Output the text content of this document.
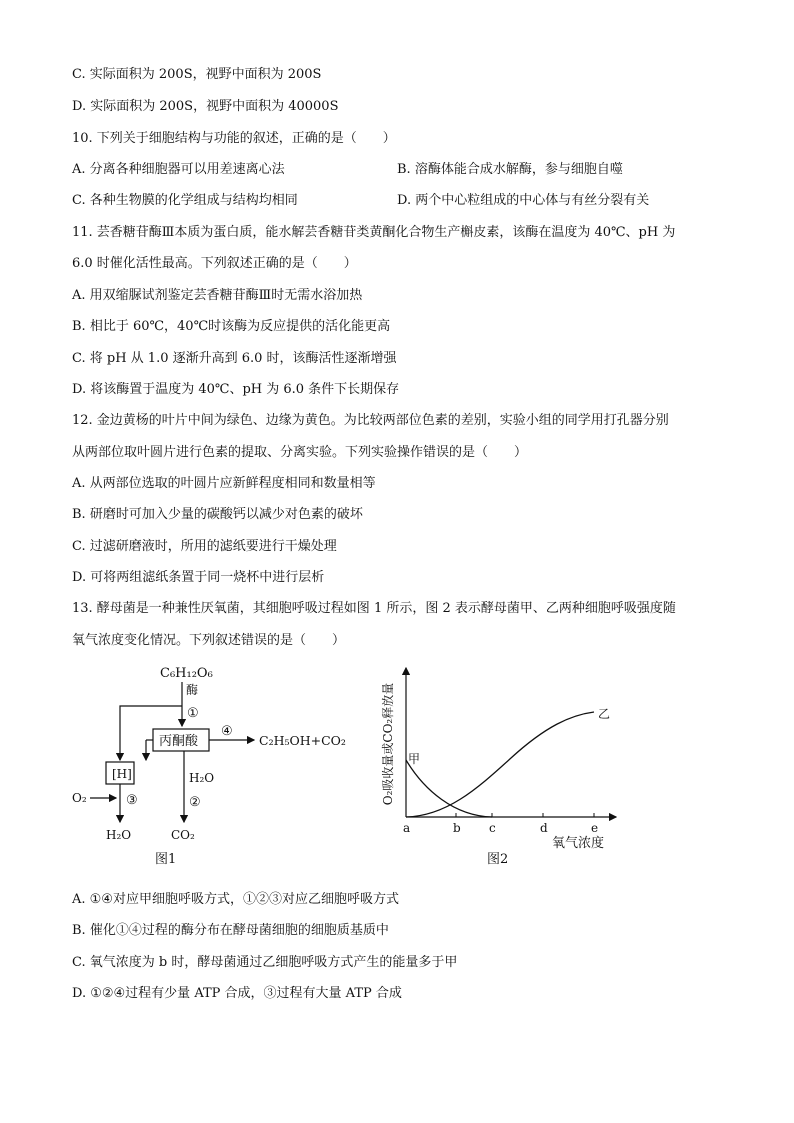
C. 实际面积为 200S，视野中面积为 200S
D. 实际面积为 200S，视野中面积为 40000S
10. 下列关于细胞结构与功能的叙述，正确的是（　　）
A. 分离各种细胞器可以用差速离心法	B. 溶酶体能合成水解酶，参与细胞自噬
C. 各种生物膜的化学组成与结构均相同	D. 两个中心粒组成的中心体与有丝分裂有关
11. 芸香糖苷酶Ⅲ本质为蛋白质，能水解芸香糖苷类黄酮化合物生产槲皮素，该酶在温度为 40℃、pH 为
6.0 时催化活性最高。下列叙述正确的是（　　）
A. 用双缩脲试剂鉴定芸香糖苷酶Ⅲ时无需水浴加热
B. 相比于 60℃，40℃时该酶为反应提供的活化能更高
C. 将 pH 从 1.0 逐渐升高到 6.0 时，该酶活性逐渐增强
D. 将该酶置于温度为 40℃、pH 为 6.0 条件下长期保存
12. 金边黄杨的叶片中间为绿色、边缘为黄色。为比较两部位色素的差别，实验小组的同学用打孔器分别
从两部位取叶圆片进行色素的提取、分离实验。下列实验操作错误的是（　　）
A. 从两部位选取的叶圆片应新鲜程度相同和数量相等
B. 研磨时可加入少量的碳酸钙以减少对色素的破坏
C. 过滤研磨液时，所用的滤纸要进行干燥处理
D. 可将两组滤纸条置于同一烧杯中进行层析
13. 酵母菌是一种兼性厌氧菌，其细胞呼吸过程如图 1 所示，图 2 表示酵母菌甲、乙两种细胞呼吸强度随
氧气浓度变化情况。下列叙述错误的是（　　）
C₆H₁₂O₆
酶
①
丙酮酸
④
C₂H₅OH+CO₂
[H]	H₂O
②
O₂	③
H₂O	CO₂
图1
O₂吸收量或CO₂释放量
a	b c	d	e
氧气浓度
甲
乙
图2
A. ①④对应甲细胞呼吸方式，①②③对应乙细胞呼吸方式
B. 催化①④过程的酶分布在酵母菌细胞的细胞质基质中
C. 氧气浓度为 b 时，酵母菌通过乙细胞呼吸方式产生的能量多于甲
D. ①②④过程有少量 ATP 合成，③过程有大量 ATP 合成
